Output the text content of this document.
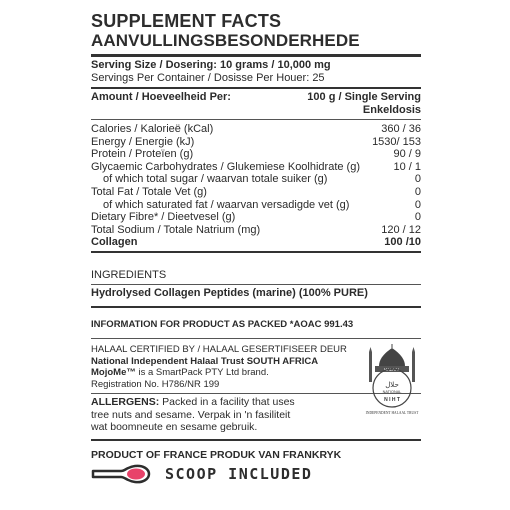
SUPPLEMENT FACTS
AANVULLINGSBESONDERHEDE
Serving Size / Dosering: 10 grams / 10,000 mg
Servings Per Container / Dosisse Per Houer: 25
Amount / Hoeveelheid Per:	100 g / Single Serving
Enkeldosis
Calories / Kalorieë (kCal)	360 / 36
Energy / Energie (kJ)	1530/ 153
Protein / Proteïen (g)	90 / 9
Glycaemic Carbohydrates / Glukemiese Koolhidrate (g)	10 / 1
of which total sugar / waarvan totale suiker (g)	0
Total Fat / Totale Vet (g)	0
of which saturated fat / waarvan versadigde vet (g)	0
Dietary Fibre* / Dieetvesel (g)	0
Total Sodium / Totale Natrium (mg)	120 / 12
Collagen	100 /10
INGREDIENTS
Hydrolysed Collagen Peptides (marine) (100% PURE)
INFORMATION FOR PRODUCT AS PACKED *AOAC 991.43
HALAAL CERTIFIED BY / HALAAL GESERTIFISEER DEUR
National Independent Halaal Trust SOUTH AFRICA
MojoMe™ is a SmartPack PTY Ltd brand.
Registration No. H786/NR 199
HALAAL
حلال
NATIONAL
N I H T
INDEPENDENT HALAAL TRUST
ALLERGENS: Packed in a facility that uses
tree nuts and sesame. Verpak in 'n fasiliteit
wat boomneute en sesame gebruik.
PRODUCT OF FRANCE PRODUK VAN FRANKRYK
SCOOP INCLUDED
